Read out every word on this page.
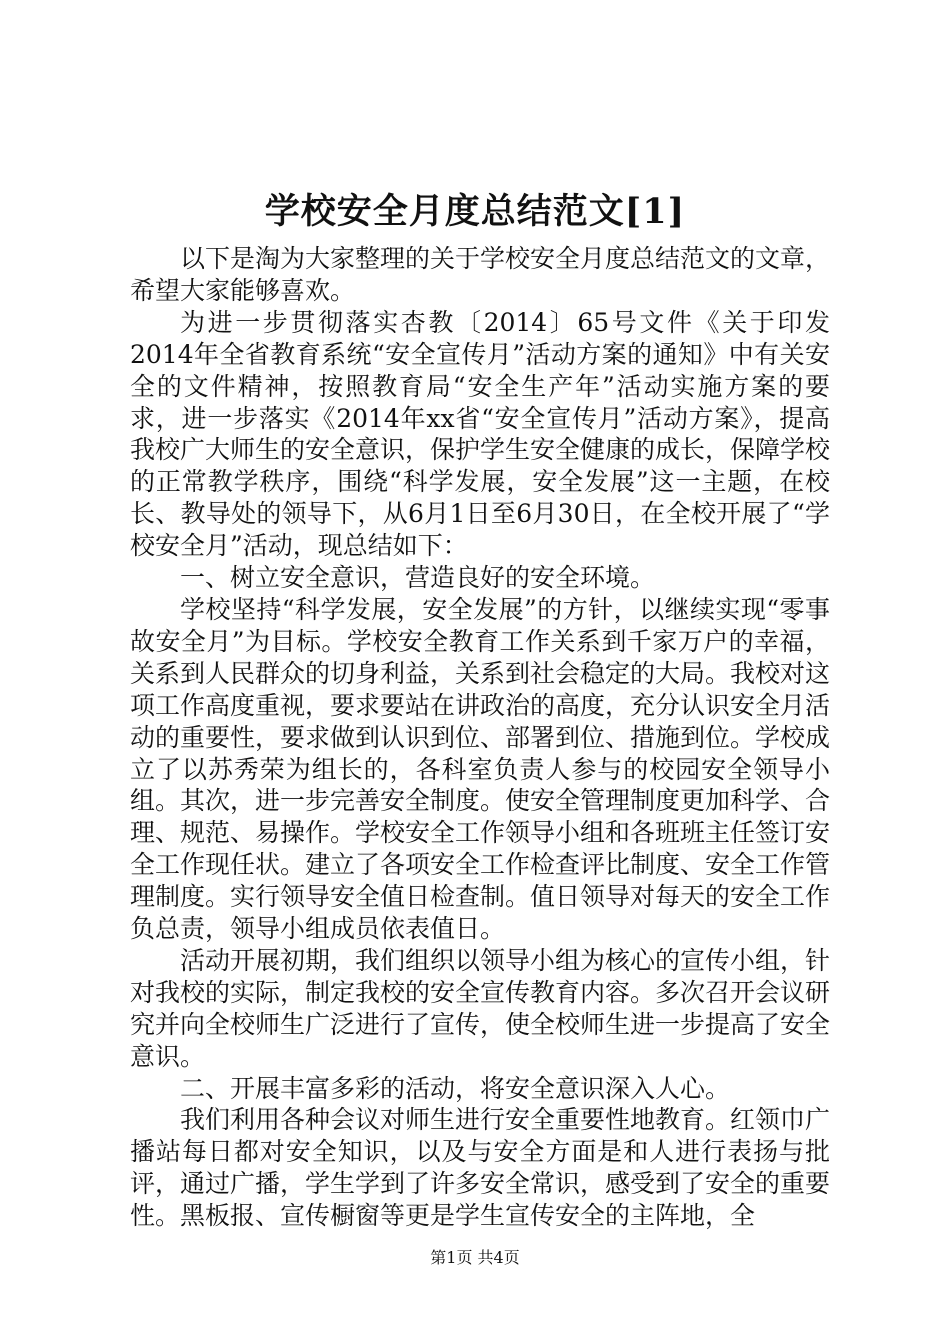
学校安全月度总结范文[1]

以下是淘为大家整理的关于学校安全月度总结范文的文章，希望大家能够喜欢。

为进一步贯彻落实杏教〔2014〕65号文件《关于印发2014年全省教育系统“安全宣传月”活动方案的通知》中有关安全的文件精神，按照教育局“安全生产年”活动实施方案的要求，进一步落实《2014年xx省“安全宣传月”活动方案》，提高我校广大师生的安全意识，保护学生安全健康的成长，保障学校的正常教学秩序，围绕“科学发展，安全发展”这一主题，在校长、教导处的领导下，从6月1日至6月30日，在全校开展了“学校安全月”活动，现总结如下：

一、树立安全意识，营造良好的安全环境。

学校坚持“科学发展，安全发展”的方针，以继续实现“零事故安全月”为目标。学校安全教育工作关系到千家万户的幸福，关系到人民群众的切身利益，关系到社会稳定的大局。我校对这项工作高度重视，要求要站在讲政治的高度，充分认识安全月活动的重要性，要求做到认识到位、部署到位、措施到位。学校成立了以苏秀荣为组长的，各科室负责人参与的校园安全领导小组。其次，进一步完善安全制度。使安全管理制度更加科学、合理、规范、易操作。学校安全工作领导小组和各班班主任签订安全工作现任状。建立了各项安全工作检查评比制度、安全工作管理制度。实行领导安全值日检查制。值日领导对每天的安全工作负总责，领导小组成员依表值日。

活动开展初期，我们组织以领导小组为核心的宣传小组，针对我校的实际，制定我校的安全宣传教育内容。多次召开会议研究并向全校师生广泛进行了宣传，使全校师生进一步提高了安全意识。

二、开展丰富多彩的活动，将安全意识深入人心。

我们利用各种会议对师生进行安全重要性地教育。红领巾广播站每日都对安全知识，以及与安全方面是和人进行表扬与批评，通过广播，学生学到了许多安全常识，感受到了安全的重要性。黑板报、宣传橱窗等更是学生宣传安全的主阵地，全

第1页 共4页
